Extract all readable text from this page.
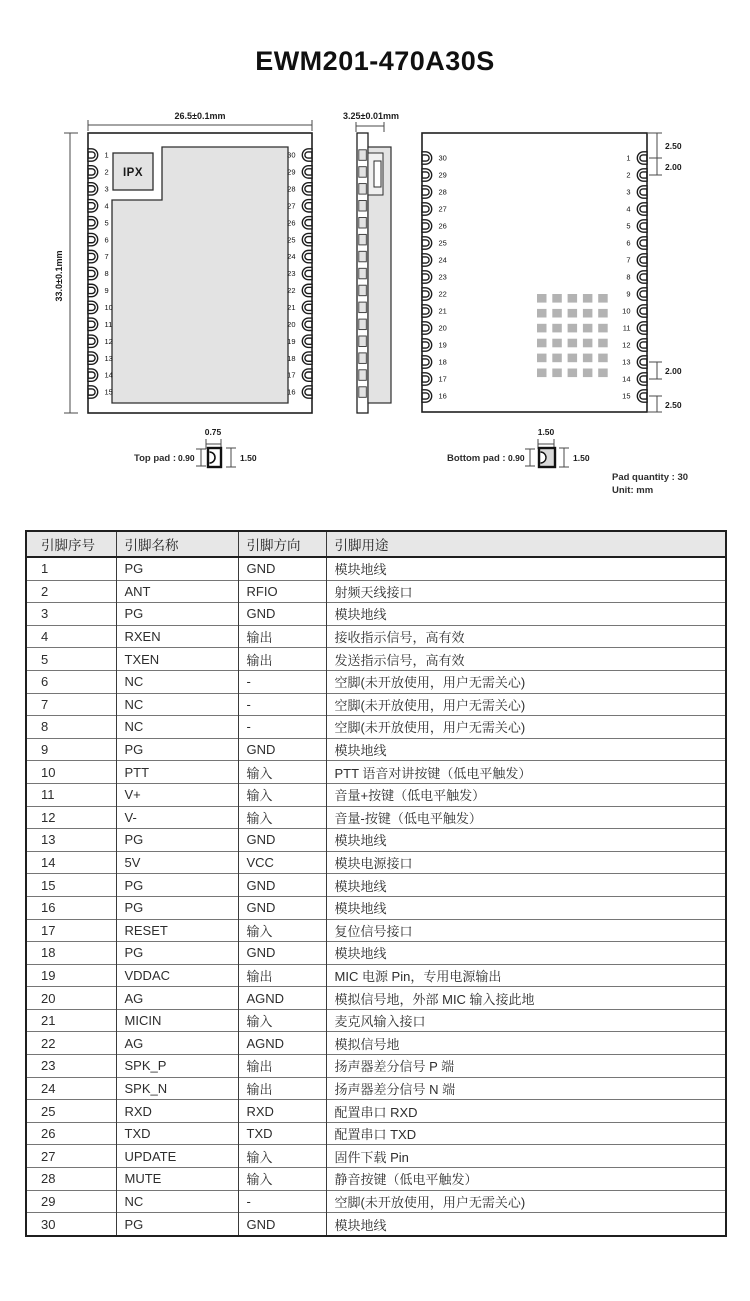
EWM201-470A30S
26.5±0.1mm
33.0±0.1mm
IPX
1
2
3
4
5
6
7
8
9
10
11
12
13
14
15
30
29
28
27
26
25
24
23
22
21
20
19
18
17
16
3.25±0.01mm
30
29
28
27
26
25
24
23
22
21
20
19
18
17
16
1
2
3
4
5
6
7
8
9
10
11
12
13
14
15
2.50
2.00
2.00
2.50
0.75
Top pad : 0.90	1.50
1.50
Bottom pad : 0.90	1.50
Pad quantity : 30
Unit: mm
引脚序号	引脚名称	引脚方向	引脚用途
1	PG	GND	模块地线
2	ANT	RFIO	射频天线接口
3	PG	GND	模块地线
4	RXEN	输出	接收指示信号，高有效
5	TXEN	输出	发送指示信号，高有效
6	NC	-	空脚(未开放使用，用户无需关心)
7	NC	-	空脚(未开放使用，用户无需关心)
8	NC	-	空脚(未开放使用，用户无需关心)
9	PG	GND	模块地线
10	PTT	输入	PTT 语音对讲按键（低电平触发）
11	V+	输入	音量+按键（低电平触发）
12	V-	输入	音量-按键（低电平触发）
13	PG	GND	模块地线
14	5V	VCC	模块电源接口
15	PG	GND	模块地线
16	PG	GND	模块地线
17	RESET	输入	复位信号接口
18	PG	GND	模块地线
19	VDDAC	输出	MIC 电源 Pin，专用电源输出
20	AG	AGND	模拟信号地，外部 MIC 输入接此地
21	MICIN	输入	麦克风输入接口
22	AG	AGND	模拟信号地
23	SPK_P	输出	扬声器差分信号 P 端
24	SPK_N	输出	扬声器差分信号 N 端
25	RXD	RXD	配置串口 RXD
26	TXD	TXD	配置串口 TXD
27	UPDATE	输入	固件下载 Pin
28	MUTE	输入	静音按键（低电平触发）
29	NC	-	空脚(未开放使用，用户无需关心)
30	PG	GND	模块地线
